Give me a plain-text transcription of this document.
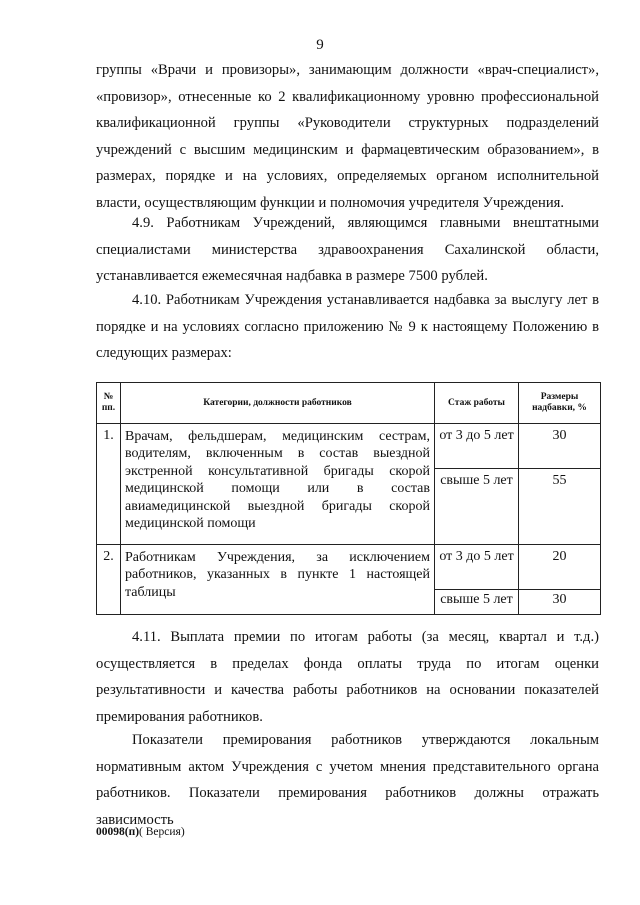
9
группы «Врачи и провизоры», занимающим должности «врач-специалист», «провизор», отнесенные ко 2 квалификационному уровню профессиональной квалификационной группы «Руководители структурных подразделений учреждений с высшим медицинским и фармацевтическим образованием», в размерах, порядке и на условиях, определяемых органом исполнительной власти, осуществляющим функции и полномочия учредителя Учреждения.
4.9. Работникам Учреждений, являющимся главными внештатными специалистами министерства здравоохранения Сахалинской области, устанавливается ежемесячная надбавка в размере 7500 рублей.
4.10. Работникам Учреждения устанавливается надбавка за выслугу лет в порядке и на условиях согласно приложению № 9 к настоящему Положению в следующих размерах:
№ пп.	Категории, должности работников	Стаж работы	Размеры надбавки, %
1.	Врачам, фельдшерам, медицинским сестрам, водителям, включенным в состав выездной экстренной консультативной бригады скорой медицинской помощи или в состав авиамедицинской выездной бригады скорой медицинской помощи	от 3 до 5 лет	30
		свыше 5 лет	55
2.	Работникам Учреждения, за исключением работников, указанных в пункте 1 настоящей таблицы	от 3 до 5 лет	20
		свыше 5 лет	30
4.11. Выплата премии по итогам работы (за месяц, квартал и т.д.) осуществляется в пределах фонда оплаты труда по итогам оценки результативности и качества работы работников на основании показателей премирования работников.
Показатели премирования работников утверждаются локальным нормативным актом Учреждения с учетом мнения представительного органа работников. Показатели премирования работников должны отражать зависимость
00098(п)( Версия)
